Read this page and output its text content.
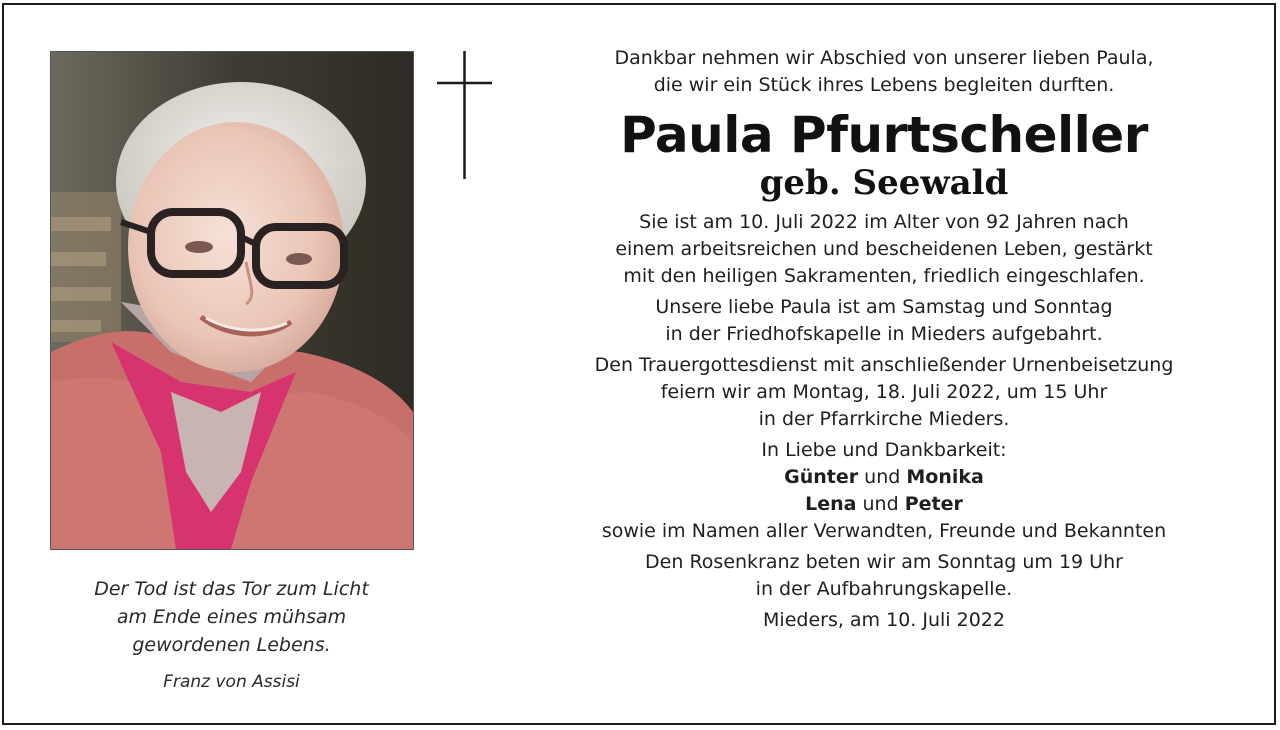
Der Tod ist das Tor zum Licht
am Ende eines mühsam
gewordenen Lebens.
Franz von Assisi
Dankbar nehmen wir Abschied von unserer lieben Paula,
die wir ein Stück ihres Lebens begleiten durften.
Paula Pfurtscheller
geb. Seewald
Sie ist am 10. Juli 2022 im Alter von 92 Jahren nach
einem arbeitsreichen und bescheidenen Leben, gestärkt
mit den heiligen Sakramenten, friedlich eingeschlafen.
Unsere liebe Paula ist am Samstag und Sonntag
in der Friedhofskapelle in Mieders aufgebahrt.
Den Trauergottesdienst mit anschließender Urnenbeisetzung
feiern wir am Montag, 18. Juli 2022, um 15 Uhr
in der Pfarrkirche Mieders.
In Liebe und Dankbarkeit:
Günter und Monika
Lena und Peter
sowie im Namen aller Verwandten, Freunde und Bekannten
Den Rosenkranz beten wir am Sonntag um 19 Uhr
in der Aufbahrungskapelle.
Mieders, am 10. Juli 2022
